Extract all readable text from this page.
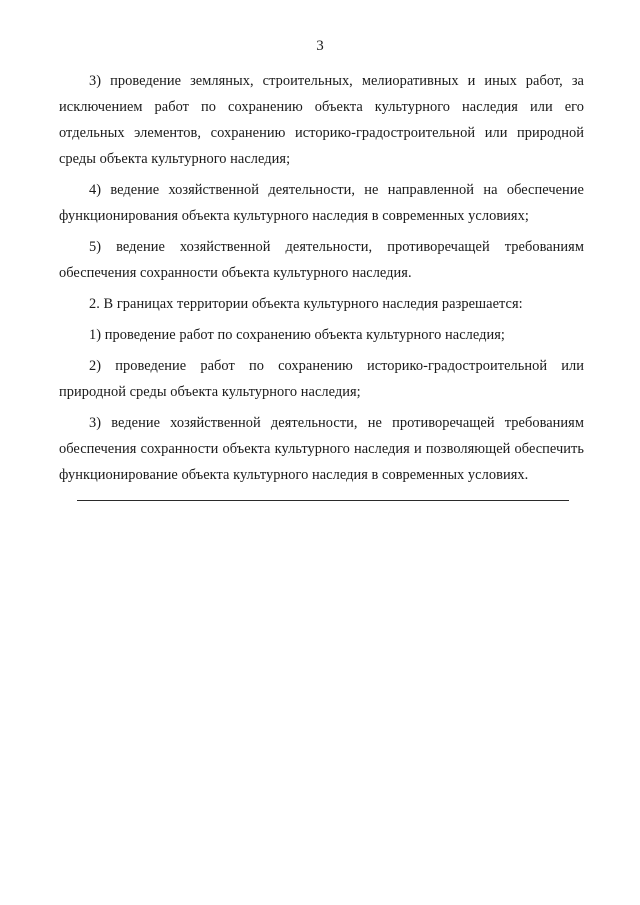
3

3) проведение земляных, строительных, мелиоративных и иных работ, за исключением работ по сохранению объекта культурного наследия или его отдельных элементов, сохранению историко-градостроительной или природной среды объекта культурного наследия;

4) ведение хозяйственной деятельности, не направленной на обеспечение функционирования объекта культурного наследия в современных условиях;

5) ведение хозяйственной деятельности, противоречащей требованиям обеспечения сохранности объекта культурного наследия.

2. В границах территории объекта культурного наследия разрешается:

1) проведение работ по сохранению объекта культурного наследия;

2) проведение работ по сохранению историко-градостроительной или природной среды объекта культурного наследия;

3) ведение хозяйственной деятельности, не противоречащей требованиям обеспечения сохранности объекта культурного наследия и позволяющей обеспечить функционирование объекта культурного наследия в современных условиях.
